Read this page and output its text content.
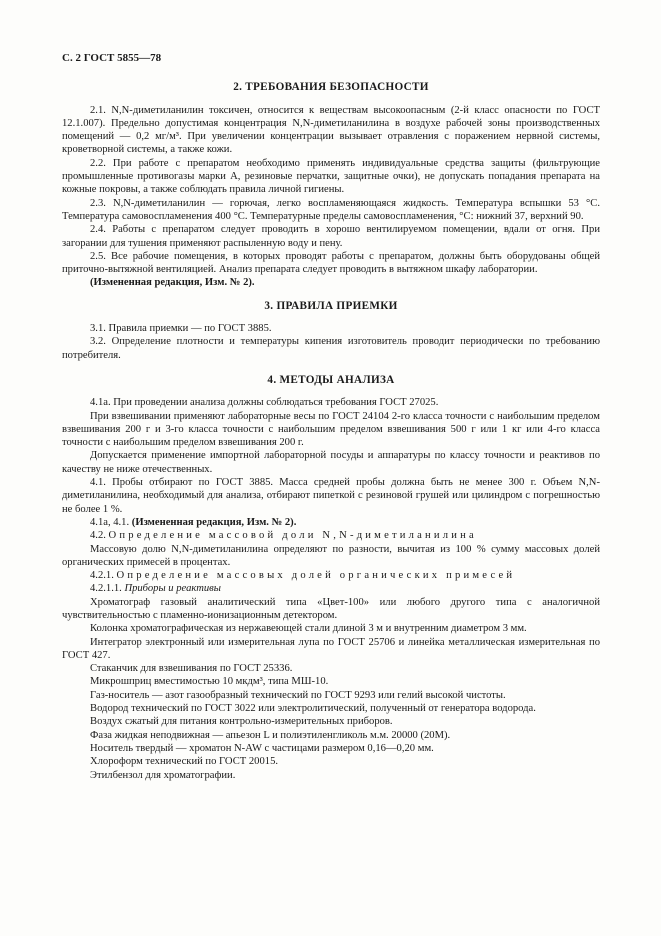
С. 2 ГОСТ 5855—78
2. ТРЕБОВАНИЯ БЕЗОПАСНОСТИ

2.1. N,N-диметиланилин токсичен, относится к веществам высокоопасным (2-й класс опасности по ГОСТ 12.1.007). Предельно допустимая концентрация N,N-диметиланилина в воздухе рабочей зоны производственных помещений — 0,2 мг/м³. При увеличении концентрации вызывает отравления с поражением нервной системы, кроветворной системы, а также кожи.

2.2. При работе с препаратом необходимо применять индивидуальные средства защиты (фильтрующие промышленные противогазы марки А, резиновые перчатки, защитные очки), не допускать попадания препарата на кожные покровы, а также соблюдать правила личной гигиены.

2.3. N,N-диметиланилин — горючая, легко воспламеняющаяся жидкость. Температура вспышки 53 °С. Температура самовоспламенения 400 °С. Температурные пределы самовоспламенения, °С: нижний 37, верхний 90.

2.4. Работы с препаратом следует проводить в хорошо вентилируемом помещении, вдали от огня. При загорании для тушения применяют распыленную воду и пену.

2.5. Все рабочие помещения, в которых проводят работы с препаратом, должны быть оборудованы общей приточно-вытяжной вентиляцией. Анализ препарата следует проводить в вытяжном шкафу лаборатории.

(Измененная редакция, Изм. № 2).

3. ПРАВИЛА ПРИЕМКИ

3.1. Правила приемки — по ГОСТ 3885.

3.2. Определение плотности и температуры кипения изготовитель проводит периодически по требованию потребителя.

4. МЕТОДЫ АНАЛИЗА

4.1а. При проведении анализа должны соблюдаться требования ГОСТ 27025.

При взвешивании применяют лабораторные весы по ГОСТ 24104 2-го класса точности с наибольшим пределом взвешивания 200 г и 3-го класса точности с наибольшим пределом взвешивания 500 г или 1 кг или 4-го класса точности с наибольшим пределом взвешивания 200 г.

Допускается применение импортной лабораторной посуды и аппаратуры по классу точности и реактивов по качеству не ниже отечественных.

4.1. Пробы отбирают по ГОСТ 3885. Масса средней пробы должна быть не менее 300 г. Объем N,N-диметиланилина, необходимый для анализа, отбирают пипеткой с резиновой грушей или цилиндром с погрешностью не более 1 %.

4.1а, 4.1. (Измененная редакция, Изм. № 2).

4.2. Определение массовой доли N,N-диметиланилина

Массовую долю N,N-диметиланилина определяют по разности, вычитая из 100 % сумму массовых долей органических примесей в процентах.

4.2.1. Определение массовых долей органических примесей

4.2.1.1. Приборы и реактивы

Хроматограф газовый аналитический типа «Цвет-100» или любого другого типа с аналогичной чувствительностью с пламенно-ионизационным детектором.

Колонка хроматографическая из нержавеющей стали длиной 3 м и внутренним диаметром 3 мм.

Интегратор электронный или измерительная лупа по ГОСТ 25706 и линейка металлическая измерительная по ГОСТ 427.

Стаканчик для взвешивания по ГОСТ 25336.

Микрошприц вместимостью 10 мкдм³, типа МШ-10.

Газ-носитель — азот газообразный технический по ГОСТ 9293 или гелий высокой чистоты.

Водород технический по ГОСТ 3022 или электролитический, полученный от генератора водорода.

Воздух сжатый для питания контрольно-измерительных приборов.

Фаза жидкая неподвижная — апьезон L и полиэтиленгликоль м.м. 20000 (20М).

Носитель твердый — хроматон N-AW с частицами размером 0,16—0,20 мм.

Хлороформ технический по ГОСТ 20015.

Этилбензол для хроматографии.
